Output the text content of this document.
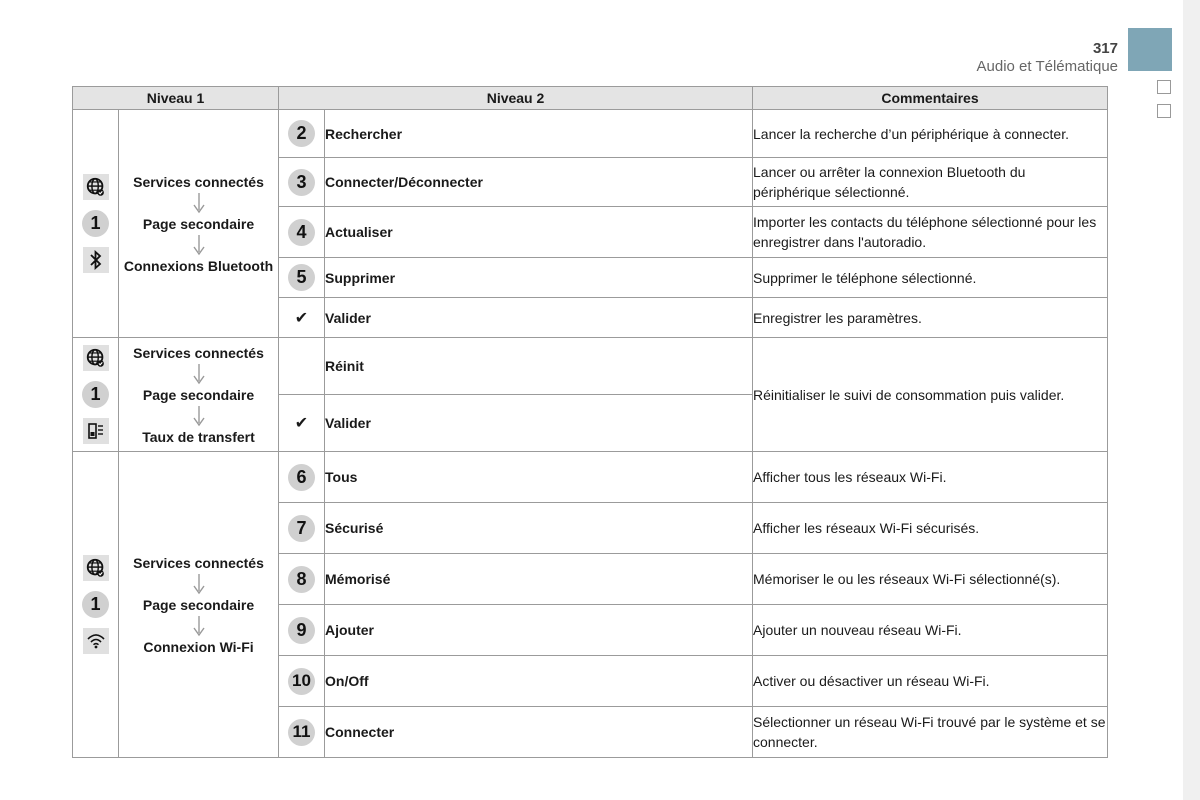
317
Audio et Télématique
Niveau 1		Niveau 2		Commentaires

1	Services connectés
Page secondaire
Connexions Bluetooth	2	Rechercher	Lancer la recherche d’un périphérique à connecter.
		3	Connecter/Déconnecter	Lancer ou arrêter la connexion Bluetooth du périphérique sélectionné.
		4	Actualiser	Importer les contacts du téléphone sélectionné pour les enregistrer dans l'autoradio.
		5	Supprimer	Supprimer le téléphone sélectionné.
		✔	Valider	Enregistrer les paramètres.

1	Services connectés
Page secondaire
Taux de transfert		Réinit	Réinitialiser le suivi de consommation puis valider.
		✔	Valider	

1	Services connectés
Page secondaire
Connexion Wi-Fi	6	Tous	Afficher tous les réseaux Wi-Fi.
		7	Sécurisé	Afficher les réseaux Wi-Fi sécurisés.
		8	Mémorisé	Mémoriser le ou les réseaux Wi-Fi sélectionné(s).
		9	Ajouter	Ajouter un nouveau réseau Wi-Fi.
		10	On/Off	Activer ou désactiver un réseau Wi-Fi.
		11	Connecter	Sélectionner un réseau Wi-Fi trouvé par le système et se connecter.
